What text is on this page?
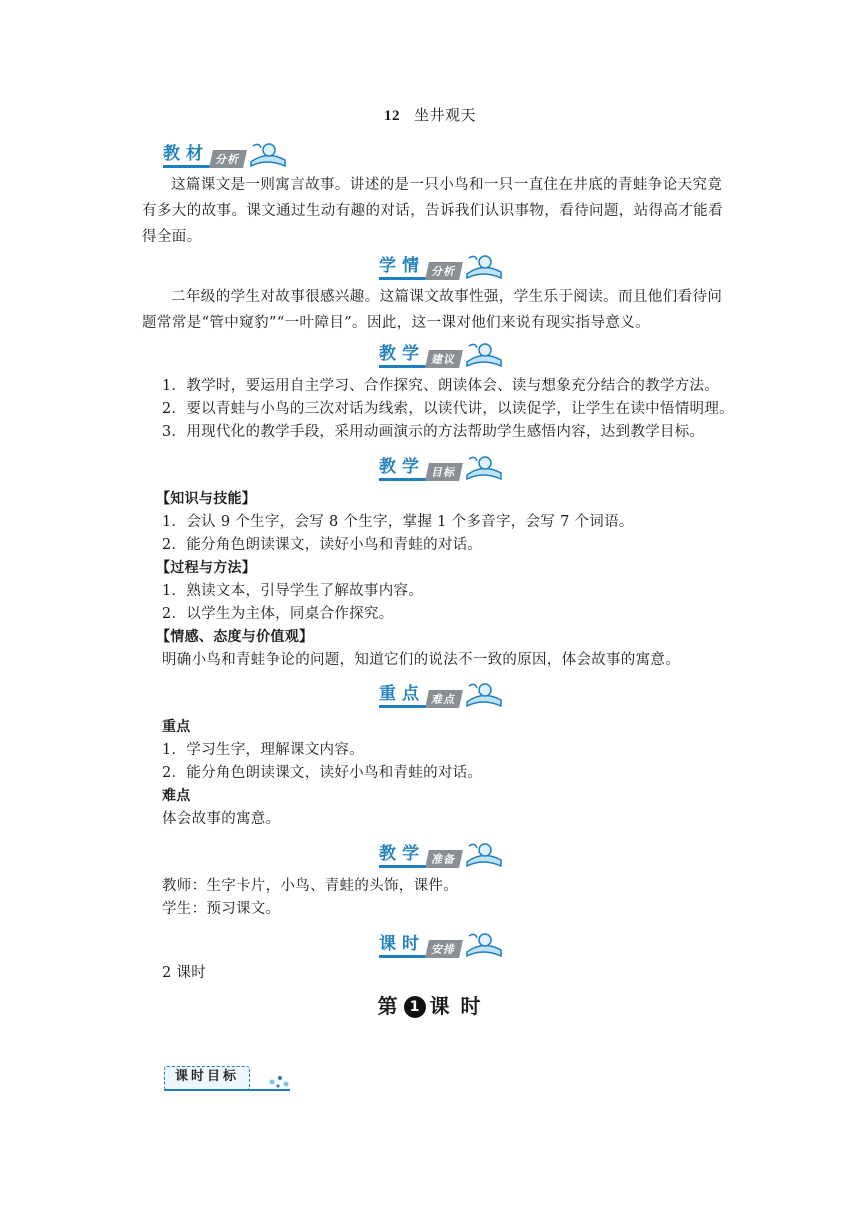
12 坐井观天
教材 分析

这篇课文是一则寓言故事。讲述的是一只小鸟和一只一直住在井底的青蛙争论天究竟有多大的故事。课文通过生动有趣的对话，告诉我们认识事物，看待问题，站得高才能看得全面。

学情 分析

二年级的学生对故事很感兴趣。这篇课文故事性强，学生乐于阅读。而且他们看待问题常常是“管中窥豹”“一叶障目”。因此，这一课对他们来说有现实指导意义。

教学 建议

1．教学时，要运用自主学习、合作探究、朗读体会、读与想象充分结合的教学方法。

2．要以青蛙与小鸟的三次对话为线索，以读代讲，以读促学，让学生在读中悟情明理。

3．用现代化的教学手段，采用动画演示的方法帮助学生感悟内容，达到教学目标。

教学 目标

【知识与技能】

1．会认 9 个生字，会写 8 个生字，掌握 1 个多音字，会写 7 个词语。

2．能分角色朗读课文，读好小鸟和青蛙的对话。

【过程与方法】

1．熟读文本，引导学生了解故事内容。

2．以学生为主体，同桌合作探究。

【情感、态度与价值观】

明确小鸟和青蛙争论的问题，知道它们的说法不一致的原因，体会故事的寓意。

重点 难点

重点

1．学习生字，理解课文内容。

2．能分角色朗读课文，读好小鸟和青蛙的对话。

难点

体会故事的寓意。

教学 准备

教师：生字卡片，小鸟、青蛙的头饰，课件。

学生：预习课文。

课时 安排

2 课时

第 1 课 时
课时目标
